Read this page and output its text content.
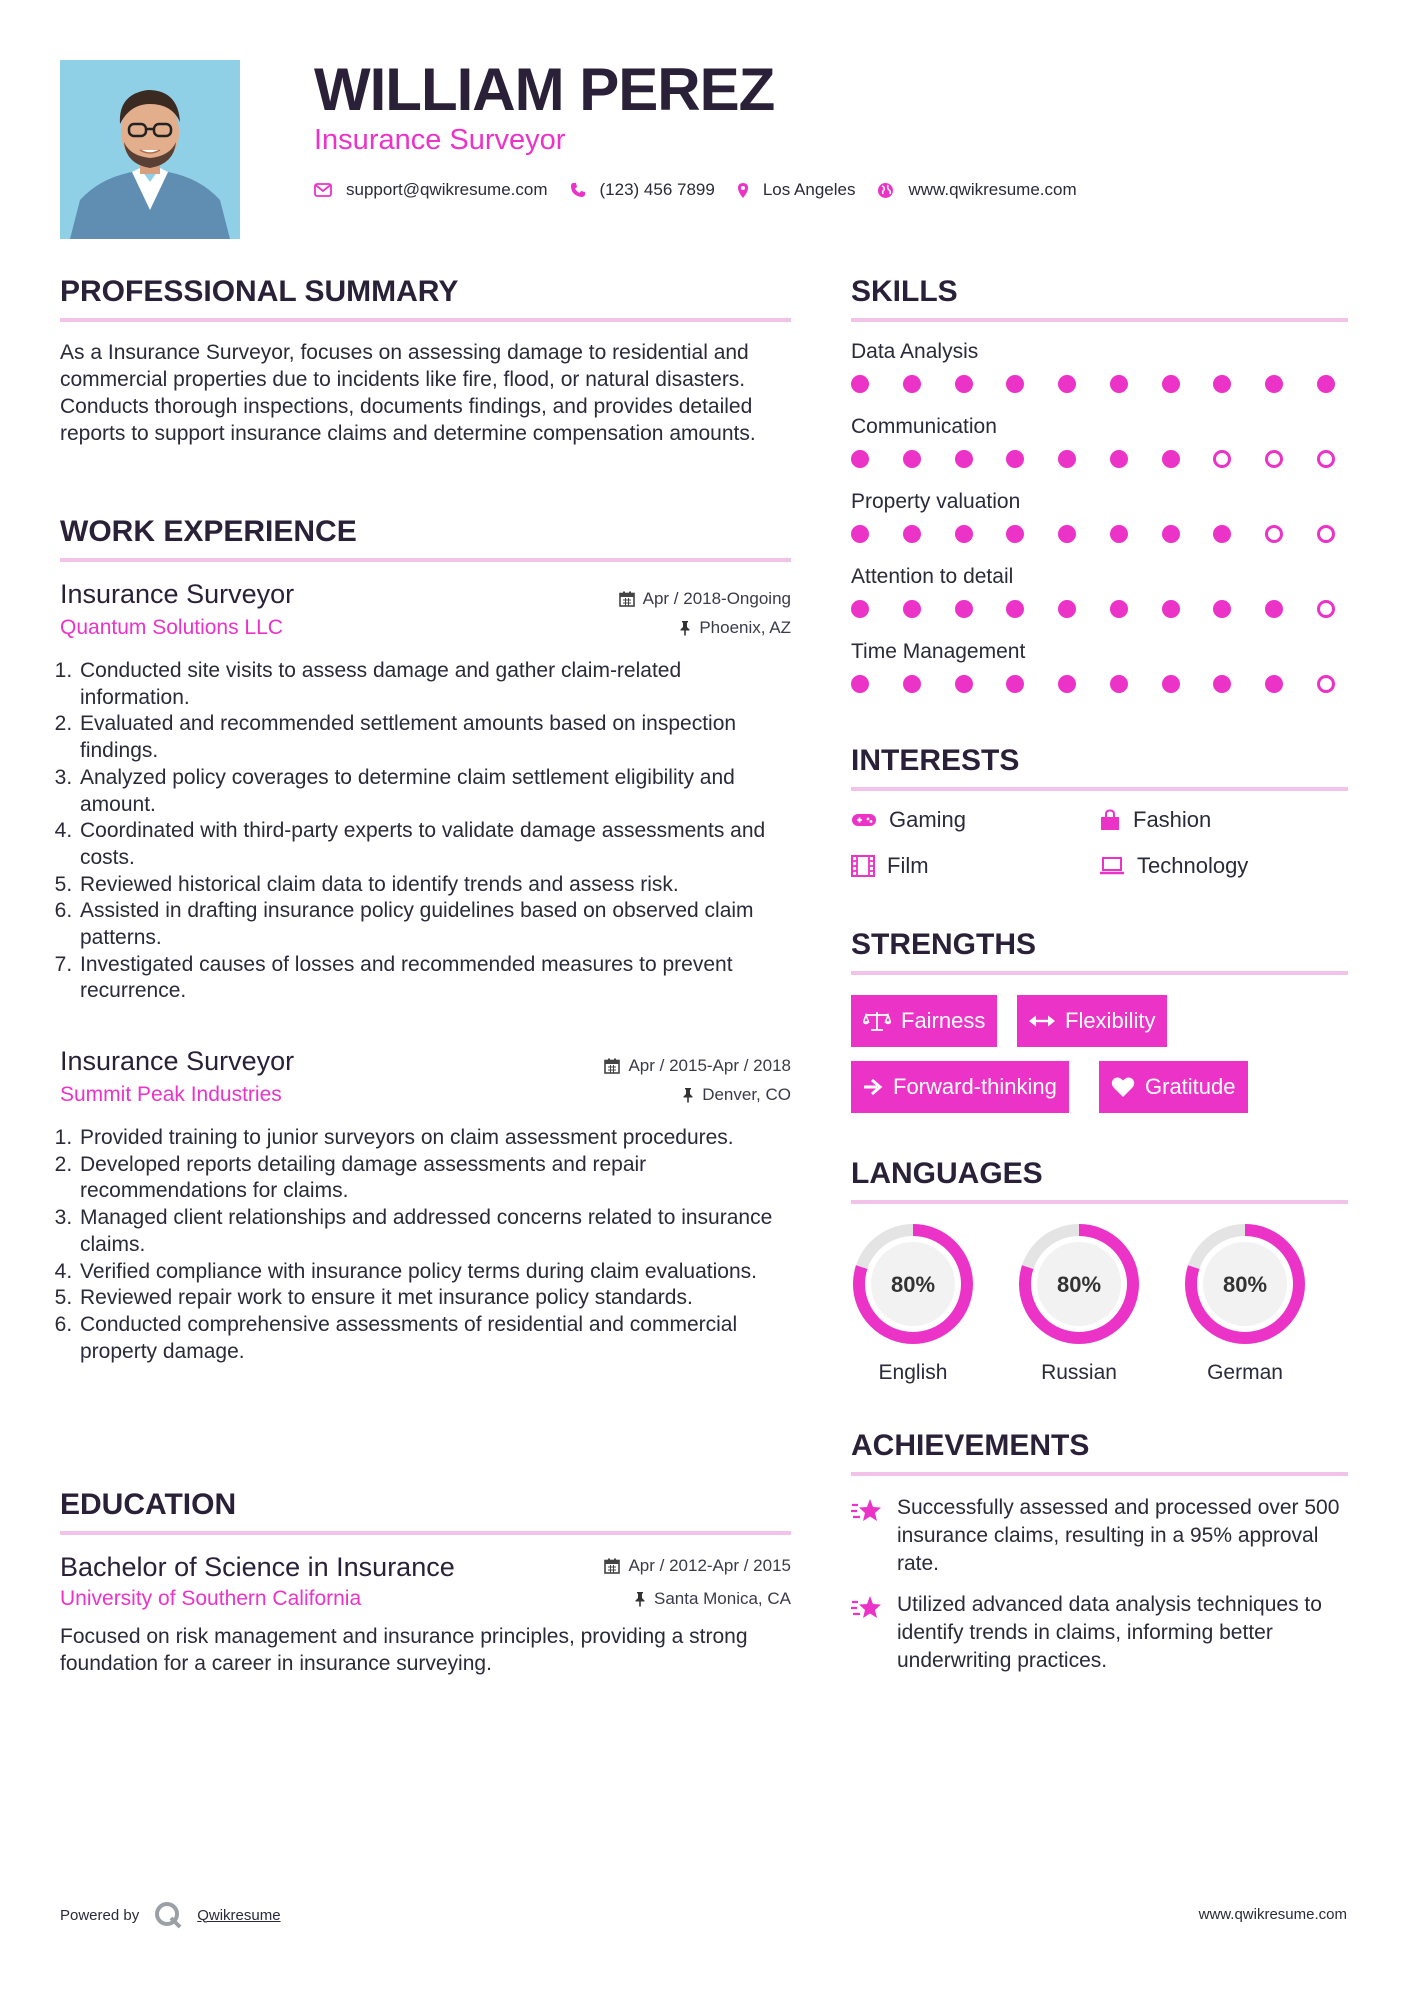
WILLIAM PEREZ
Insurance Surveyor
support@qwikresume.com	(123) 456 7899	Los Angeles	www.qwikresume.com
PROFESSIONAL SUMMARY
As a Insurance Surveyor, focuses on assessing damage to residential and commercial properties due to incidents like fire, flood, or natural disasters. Conducts thorough inspections, documents findings, and provides detailed reports to support insurance claims and determine compensation amounts.
WORK EXPERIENCE
Insurance Surveyor	Apr / 2018-Ongoing
Quantum Solutions LLC	Phoenix, AZ
1. Conducted site visits to assess damage and gather claim-related information.
2. Evaluated and recommended settlement amounts based on inspection findings.
3. Analyzed policy coverages to determine claim settlement eligibility and amount.
4. Coordinated with third-party experts to validate damage assessments and costs.
5. Reviewed historical claim data to identify trends and assess risk.
6. Assisted in drafting insurance policy guidelines based on observed claim patterns.
7. Investigated causes of losses and recommended measures to prevent recurrence.
Insurance Surveyor	Apr / 2015-Apr / 2018
Summit Peak Industries	Denver, CO
1. Provided training to junior surveyors on claim assessment procedures.
2. Developed reports detailing damage assessments and repair recommendations for claims.
3. Managed client relationships and addressed concerns related to insurance claims.
4. Verified compliance with insurance policy terms during claim evaluations.
5. Reviewed repair work to ensure it met insurance policy standards.
6. Conducted comprehensive assessments of residential and commercial property damage.
EDUCATION
Bachelor of Science in Insurance	Apr / 2012-Apr / 2015
University of Southern California	Santa Monica, CA
Focused on risk management and insurance principles, providing a strong foundation for a career in insurance surveying.
SKILLS
Data Analysis
Communication
Property valuation
Attention to detail
Time Management
INTERESTS
Gaming	Fashion
Film	Technology
STRENGTHS
Fairness	Flexibility
Forward-thinking	Gratitude
LANGUAGES
80%
English
80%
Russian
80%
German
ACHIEVEMENTS
Successfully assessed and processed over 500 insurance claims, resulting in a 95% approval rate.
Utilized advanced data analysis techniques to identify trends in claims, informing better underwriting practices.
Powered by	Qwikresume	www.qwikresume.com
